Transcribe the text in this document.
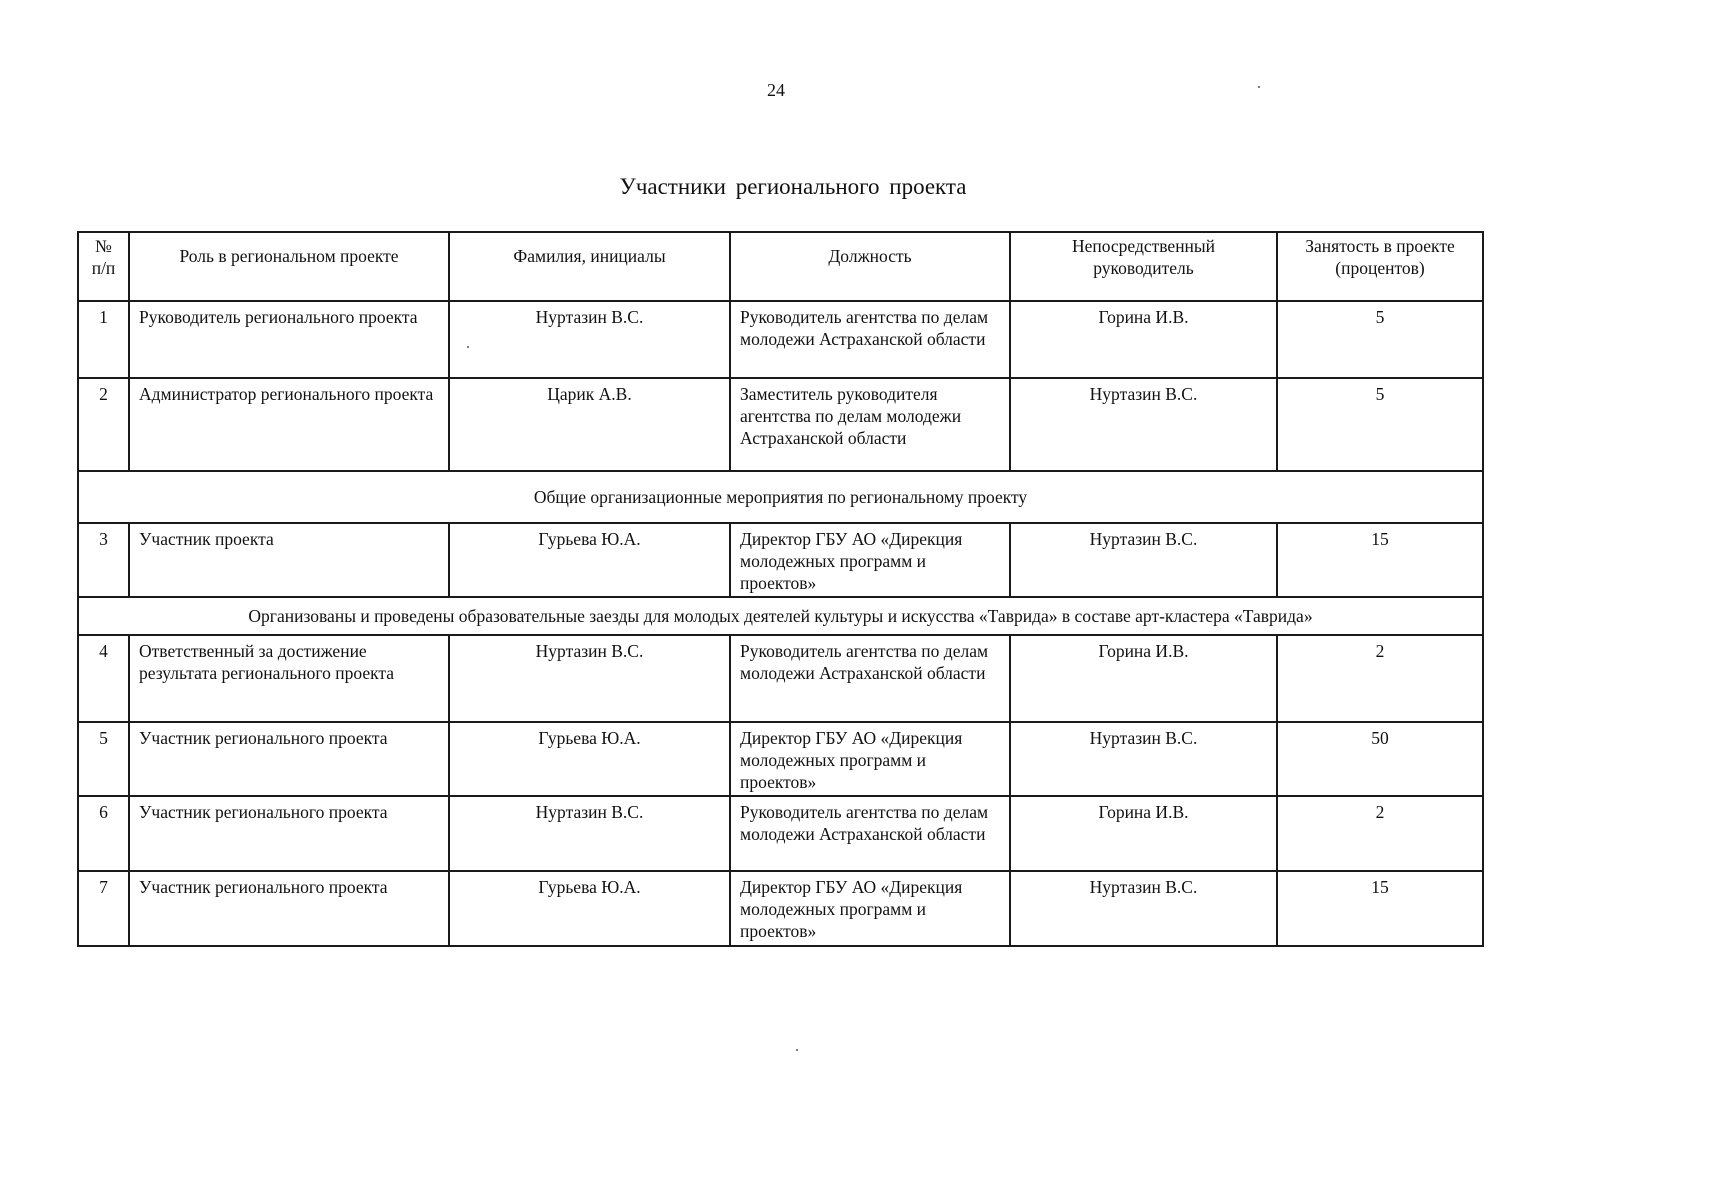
24
Участники регионального проекта
№ п/п	Роль в региональном проекте	Фамилия, инициалы	Должность	Непосредственный руководитель	Занятость в проекте (процентов)
1	Руководитель регионального проекта	Нуртазин В.С.	Руководитель агентства по делам молодежи Астраханской области	Горина И.В.	5
2	Администратор регионального проекта	Царик А.В.	Заместитель руководителя агентства по делам молодежи Астраханской области	Нуртазин В.С.	5
Общие организационные мероприятия по региональному проекту					
3	Участник проекта	Гурьева Ю.А.	Директор ГБУ АО «Дирекция молодежных программ и проектов»	Нуртазин В.С.	15
Организованы и проведены образовательные заезды для молодых деятелей культуры и искусства «Таврида» в составе арт-кластера «Таврида»					
4	Ответственный за достижение результата регионального проекта	Нуртазин В.С.	Руководитель агентства по делам молодежи Астраханской области	Горина И.В.	2
5	Участник регионального проекта	Гурьева Ю.А.	Директор ГБУ АО «Дирекция молодежных программ и проектов»	Нуртазин В.С.	50
6	Участник регионального проекта	Нуртазин В.С.	Руководитель агентства по делам молодежи Астраханской области	Горина И.В.	2
7	Участник регионального проекта	Гурьева Ю.А.	Директор ГБУ АО «Дирекция молодежных программ и проектов»	Нуртазин В.С.	15
